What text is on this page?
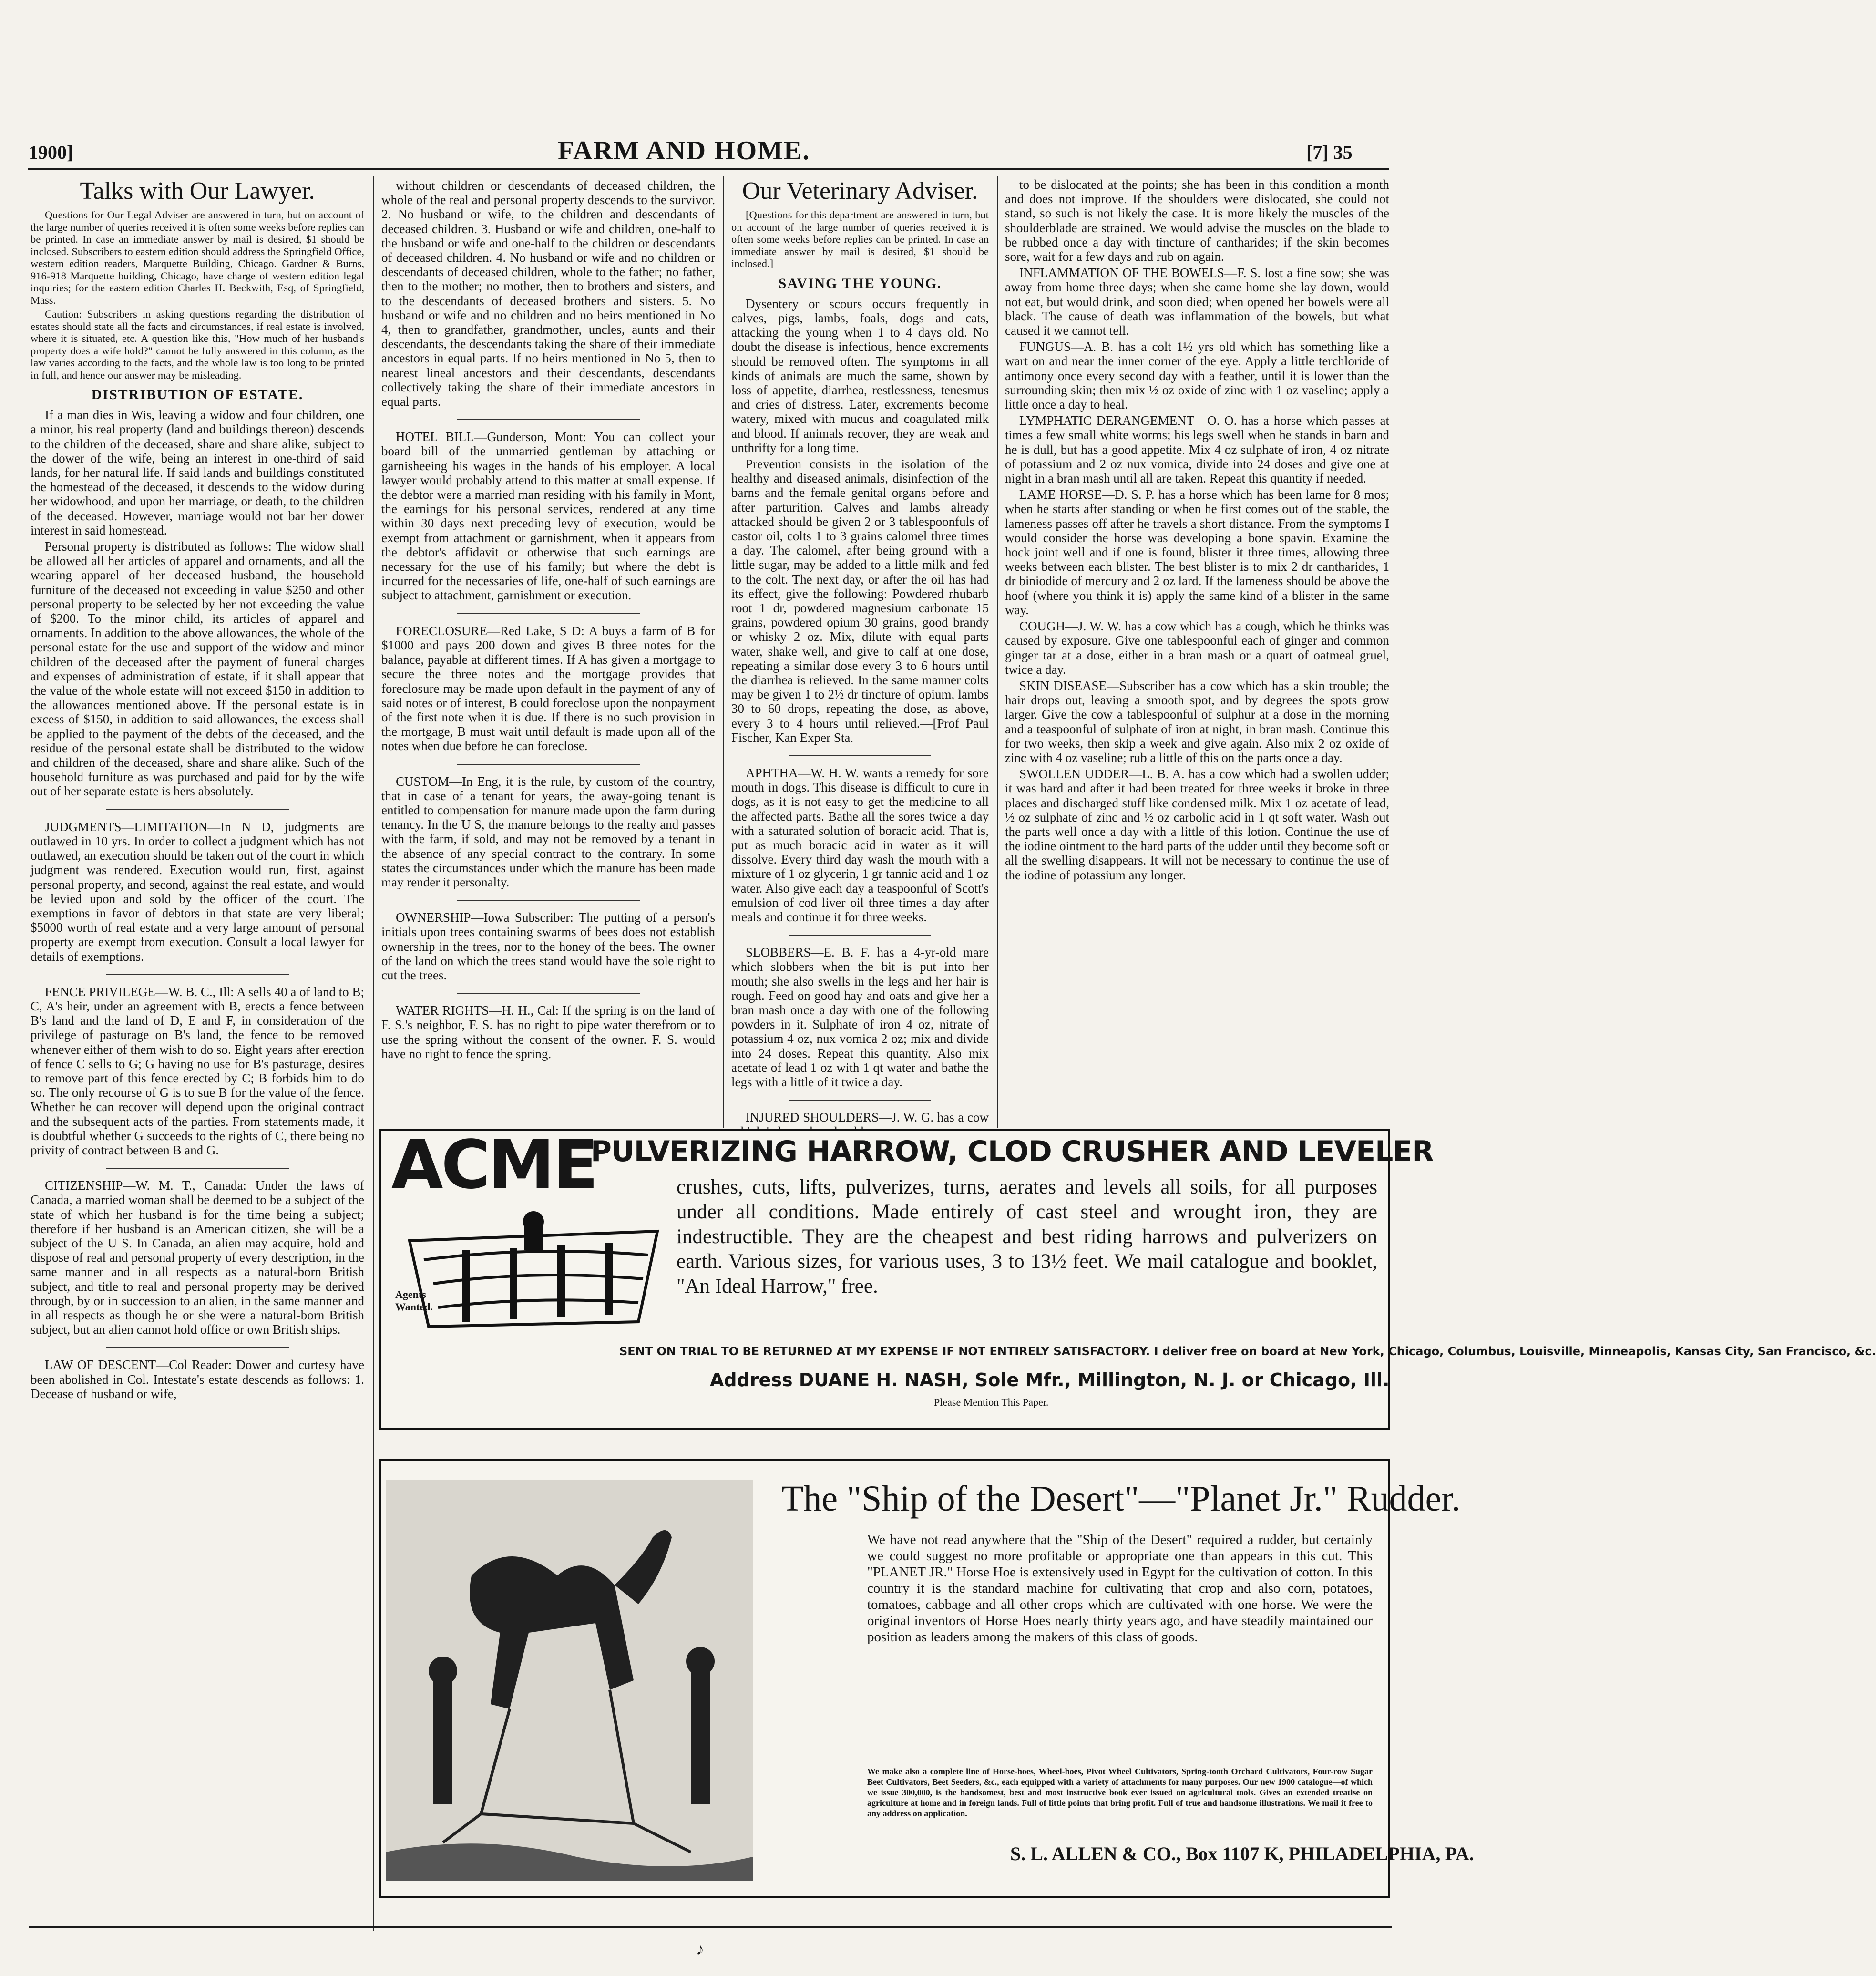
1900]	FARM AND HOME.	[7] 35

Talks with Our Lawyer.

Questions for Our Legal Adviser are answered in turn, but on account of the large number of queries received it is often some weeks before replies can be printed. In case an immediate answer by mail is desired, $1 should be inclosed. Subscribers to eastern edition should address the Springfield Office, western edition readers, Marquette Building, Chicago. Gardner & Burns, 916-918 Marquette building, Chicago, have charge of western edition legal inquiries; for the eastern edition Charles H. Beckwith, Esq, of Springfield, Mass.

Caution: Subscribers in asking questions regarding the distribution of estates should state all the facts and circumstances, if real estate is involved, where it is situated, etc. A question like this, "How much of her husband's property does a wife hold?" cannot be fully answered in this column, as the law varies according to the facts, and the whole law is too long to be printed in full, and hence our answer may be misleading.

DISTRIBUTION OF ESTATE.

If a man dies in Wis, leaving a widow and four children, one a minor, his real property (land and buildings thereon) descends to the children of the deceased, share and share alike, subject to the dower of the wife, being an interest in one-third of said lands, for her natural life. If said lands and buildings constituted the homestead of the deceased, it descends to the widow during her widowhood, and upon her marriage, or death, to the children of the deceased. However, marriage would not bar her dower interest in said homestead.

Personal property is distributed as follows: The widow shall be allowed all her articles of apparel and ornaments, and all the wearing apparel of her deceased husband, the household furniture of the deceased not exceeding in value $250 and other personal property to be selected by her not exceeding the value of $200. To the minor child, its articles of apparel and ornaments. In addition to the above allowances, the whole of the personal estate for the use and support of the widow and minor children of the deceased after the payment of funeral charges and expenses of administration of estate, if it shall appear that the value of the whole estate will not exceed $150 in addition to the allowances mentioned above. If the personal estate is in excess of $150, in addition to said allowances, the excess shall be applied to the payment of the debts of the deceased, and the residue of the personal estate shall be distributed to the widow and children of the deceased, share and share alike. Such of the household furniture as was purchased and paid for by the wife out of her separate estate is hers absolutely.

JUDGMENTS—LIMITATION—In N D, judgments are outlawed in 10 yrs. In order to collect a judgment which has not outlawed, an execution should be taken out of the court in which judgment was rendered. Execution would run, first, against personal property, and second, against the real estate, and would be levied upon and sold by the officer of the court. The exemptions in favor of debtors in that state are very liberal; $5000 worth of real estate and a very large amount of personal property are exempt from execution. Consult a local lawyer for details of exemptions.

FENCE PRIVILEGE—W. B. C., Ill: A sells 40 a of land to B; C, A's heir, under an agreement with B, erects a fence between B's land and the land of D, E and F, in consideration of the privilege of pasturage on B's land, the fence to be removed whenever either of them wish to do so. Eight years after erection of fence C sells to G; G having no use for B's pasturage, desires to remove part of this fence erected by C; B forbids him to do so. The only recourse of G is to sue B for the value of the fence. Whether he can recover will depend upon the original contract and the subsequent acts of the parties. From statements made, it is doubtful whether G succeeds to the rights of C, there being no privity of contract between B and G.

CITIZENSHIP—W. M. T., Canada: Under the laws of Canada, a married woman shall be deemed to be a subject of the state of which her husband is for the time being a subject; therefore if her husband is an American citizen, she will be a subject of the U S. In Canada, an alien may acquire, hold and dispose of real and personal property of every description, in the same manner and in all respects as a natural-born British subject, and title to real and personal property may be derived through, by or in succession to an alien, in the same manner and in all respects as though he or she were a natural-born British subject, but an alien cannot hold office or own British ships.

LAW OF DESCENT—Col Reader: Dower and curtesy have been abolished in Col. Intestate's estate descends as follows: 1. Decease of husband or wife,

without children or descendants of deceased children, the whole of the real and personal property descends to the survivor. 2. No husband or wife, to the children and descendants of deceased children. 3. Husband or wife and children, one-half to the husband or wife and one-half to the children or descendants of deceased children. 4. No husband or wife and no children or descendants of deceased children, whole to the father; no father, then to the mother; no mother, then to brothers and sisters, and to the descendants of deceased brothers and sisters. 5. No husband or wife and no children and no heirs mentioned in No 4, then to grandfather, grandmother, uncles, aunts and their descendants, the descendants taking the share of their immediate ancestors in equal parts. If no heirs mentioned in No 5, then to nearest lineal ancestors and their descendants, descendants collectively taking the share of their immediate ancestors in equal parts.

HOTEL BILL—Gunderson, Mont: You can collect your board bill of the unmarried gentleman by attaching or garnisheeing his wages in the hands of his employer. A local lawyer would probably attend to this matter at small expense. If the debtor were a married man residing with his family in Mont, the earnings for his personal services, rendered at any time within 30 days next preceding levy of execution, would be exempt from attachment or garnishment, when it appears from the debtor's affidavit or otherwise that such earnings are necessary for the use of his family; but where the debt is incurred for the necessaries of life, one-half of such earnings are subject to attachment, garnishment or execution.

FORECLOSURE—Red Lake, S D: A buys a farm of B for $1000 and pays 200 down and gives B three notes for the balance, payable at different times. If A has given a mortgage to secure the three notes and the mortgage provides that foreclosure may be made upon default in the payment of any of said notes or of interest, B could foreclose upon the nonpayment of the first note when it is due. If there is no such provision in the mortgage, B must wait until default is made upon all of the notes when due before he can foreclose.

CUSTOM—In Eng, it is the rule, by custom of the country, that in case of a tenant for years, the away-going tenant is entitled to compensation for manure made upon the farm during tenancy. In the U S, the manure belongs to the realty and passes with the farm, if sold, and may not be removed by a tenant in the absence of any special contract to the contrary. In some states the circumstances under which the manure has been made may render it personalty.

OWNERSHIP—Iowa Subscriber: The putting of a person's initials upon trees containing swarms of bees does not establish ownership in the trees, nor to the honey of the bees. The owner of the land on which the trees stand would have the sole right to cut the trees.

WATER RIGHTS—H. H., Cal: If the spring is on the land of F. S.'s neighbor, F. S. has no right to pipe water therefrom or to use the spring without the consent of the owner. F. S. would have no right to fence the spring.

Our Veterinary Adviser.

[Questions for this department are answered in turn, but on account of the large number of queries received it is often some weeks before replies can be printed. In case an immediate answer by mail is desired, $1 should be inclosed.]

SAVING THE YOUNG.

Dysentery or scours occurs frequently in calves, pigs, lambs, foals, dogs and cats, attacking the young when 1 to 4 days old. No doubt the disease is infectious, hence excrements should be removed often. The symptoms in all kinds of animals are much the same, shown by loss of appetite, diarrhea, restlessness, tenesmus and cries of distress. Later, excrements become watery, mixed with mucus and coagulated milk and blood. If animals recover, they are weak and unthrifty for a long time.

Prevention consists in the isolation of the healthy and diseased animals, disinfection of the barns and the female genital organs before and after parturition. Calves and lambs already attacked should be given 2 or 3 tablespoonfuls of castor oil, colts 1 to 3 grains calomel three times a day. The calomel, after being ground with a little sugar, may be added to a little milk and fed to the colt. The next day, or after the oil has had its effect, give the following: Powdered rhubarb root 1 dr, powdered magnesium carbonate 15 grains, powdered opium 30 grains, good brandy or whisky 2 oz. Mix, dilute with equal parts water, shake well, and give to calf at one dose, repeating a similar dose every 3 to 6 hours until the diarrhea is relieved. In the same manner colts may be given 1 to 2½ dr tincture of opium, lambs 30 to 60 drops, repeating the dose, as above, every 3 to 4 hours until relieved.—[Prof Paul Fischer, Kan Exper Sta.

APHTHA—W. H. W. wants a remedy for sore mouth in dogs. This disease is difficult to cure in dogs, as it is not easy to get the medicine to all the affected parts. Bathe all the sores twice a day with a saturated solution of boracic acid. That is, put as much boracic acid in water as it will dissolve. Every third day wash the mouth with a mixture of 1 oz glycerin, 1 gr tannic acid and 1 oz water. Also give each day a teaspoonful of Scott's emulsion of cod liver oil three times a day after meals and continue it for three weeks.

SLOBBERS—E. B. F. has a 4-yr-old mare which slobbers when the bit is put into her mouth; she also swells in the legs and her hair is rough. Feed on good hay and oats and give her a bran mash once a day with one of the following powders in it. Sulphate of iron 4 oz, nitrate of potassium 4 oz, nux vomica 2 oz; mix and divide into 24 doses. Repeat this quantity. Also mix acetate of lead 1 oz with 1 qt water and bathe the legs with a little of it twice a day.

INJURED SHOULDERS—J. W. G. has a cow

to be dislocated at the points; she has been in this condition a month and does not improve. If the shoulders were dislocated, she could not stand, so such is not likely the case. It is more likely the muscles of the shoulderblade are strained. We would advise the muscles on the blade to be rubbed once a day with tincture of cantharides; if the skin becomes sore, wait for a few days and rub on again.

INFLAMMATION OF THE BOWELS—F. S. lost a fine sow; she was away from home three days; when she came home she lay down, would not eat, but would drink, and soon died; when opened her bowels were all black. The cause of death was inflammation of the bowels, but what caused it we cannot tell.

FUNGUS—A. B. has a colt 1½ yrs old which has something like a wart on and near the inner corner of the eye. Apply a little terchloride of antimony once every second day with a feather, until it is lower than the surrounding skin; then mix ½ oz oxide of zinc with 1 oz vaseline; apply a little once a day to heal.

LYMPHATIC DERANGEMENT—O. O. has a horse which passes at times a few small white worms; his legs swell when he stands in barn and he is dull, but has a good appetite. Mix 4 oz sulphate of iron, 4 oz nitrate of potassium and 2 oz nux vomica, divide into 24 doses and give one at night in a bran mash until all are taken. Repeat this quantity if needed.

LAME HORSE—D. S. P. has a horse which has been lame for 8 mos; when he starts after standing or when he first comes out of the stable, the lameness passes off after he travels a short distance. From the symptoms I would consider the horse was developing a bone spavin. Examine the hock joint well and if one is found, blister it three times, allowing three weeks between each blister. The best blister is to mix 2 dr cantharides, 1 dr biniodide of mercury and 2 oz lard. If the lameness should be above the hoof (where you think it is) apply the same kind of a blister in the same way.

COUGH—J. W. W. has a cow which has a cough, which he thinks was caused by exposure. Give one tablespoonful each of ginger and common ginger tar at a dose, either in a bran mash or a quart of oatmeal gruel, twice a day.

SKIN DISEASE—Subscriber has a cow which has a skin trouble; the hair drops out, leaving a smooth spot, and by degrees the spots grow larger. Give the cow a tablespoonful of sulphur at a dose in the morning and a teaspoonful of sulphate of iron at night, in bran mash. Continue this for two weeks, then skip a week and give again. Also mix 2 oz oxide of zinc with 4 oz vaseline; rub a little of this on the parts once a day.

SWOLLEN UDDER—L. B. A. has a cow which had a swollen udder; it was hard and after it had been treated for three weeks it broke in three places and discharged stuff like condensed milk. Mix 1 oz acetate of lead, ½ oz sulphate of zinc and ½ oz carbolic acid in 1 qt soft water. Wash out the parts well once a day with a little of this lotion. Continue the use of the iodine ointment to the hard parts of the udder until they become soft or all the swelling disappears. It will not be necessary to continue the use of the iodine of potassium any longer.

ACME
PULVERIZING HARROW, CLOD CRUSHER AND LEVELER
Agents Wanted.
crushes, cuts, lifts, pulverizes, turns, aerates and levels all soils, for all purposes under all conditions. Made entirely of cast steel and wrought iron, they are indestructible. They are the cheapest and best riding harrows and pulverizers on earth. Various sizes, for various uses, 3 to 13½ feet. We mail catalogue and booklet, "An Ideal Harrow," free.
SENT ON TRIAL TO BE RETURNED AT MY EXPENSE IF NOT ENTIRELY SATISFACTORY. I deliver free on board at New York, Chicago, Columbus, Louisville, Minneapolis, Kansas City, San Francisco, &c.
Address DUANE H. NASH, Sole Mfr., Millington, N. J. or Chicago, Ill.
Please Mention This Paper.
The "Ship of the Desert"—"Planet Jr." Rudder.
We have not read anywhere that the "Ship of the Desert" required a rudder, but certainly we could suggest no more profitable or appropriate one than appears in this cut. This "PLANET JR." Horse Hoe is extensively used in Egypt for the cultivation of cotton. In this country it is the standard machine for cultivating that crop and also corn, potatoes, tomatoes, cabbage and all other crops which are cultivated with one horse. We were the original inventors of Horse Hoes nearly thirty years ago, and have steadily maintained our position as leaders among the makers of this class of goods.
We make also a complete line of Horse-hoes, Wheel-hoes, Pivot Wheel Cultivators, Spring-tooth Orchard Cultivators, Four-row Sugar Beet Cultivators, Beet Seeders, &c., each equipped with a variety of attachments for many purposes. Our new 1900 catalogue—of which we issue 300,000, is the handsomest, best and most instructive book ever issued on agricultural tools. Gives an extended treatise on agriculture at home and in foreign lands. Full of little points that bring profit. Full of true and handsome illustrations. We mail it free to any address on application.
S. L. ALLEN & CO., Box 1107 K, PHILADELPHIA, PA.
♪
